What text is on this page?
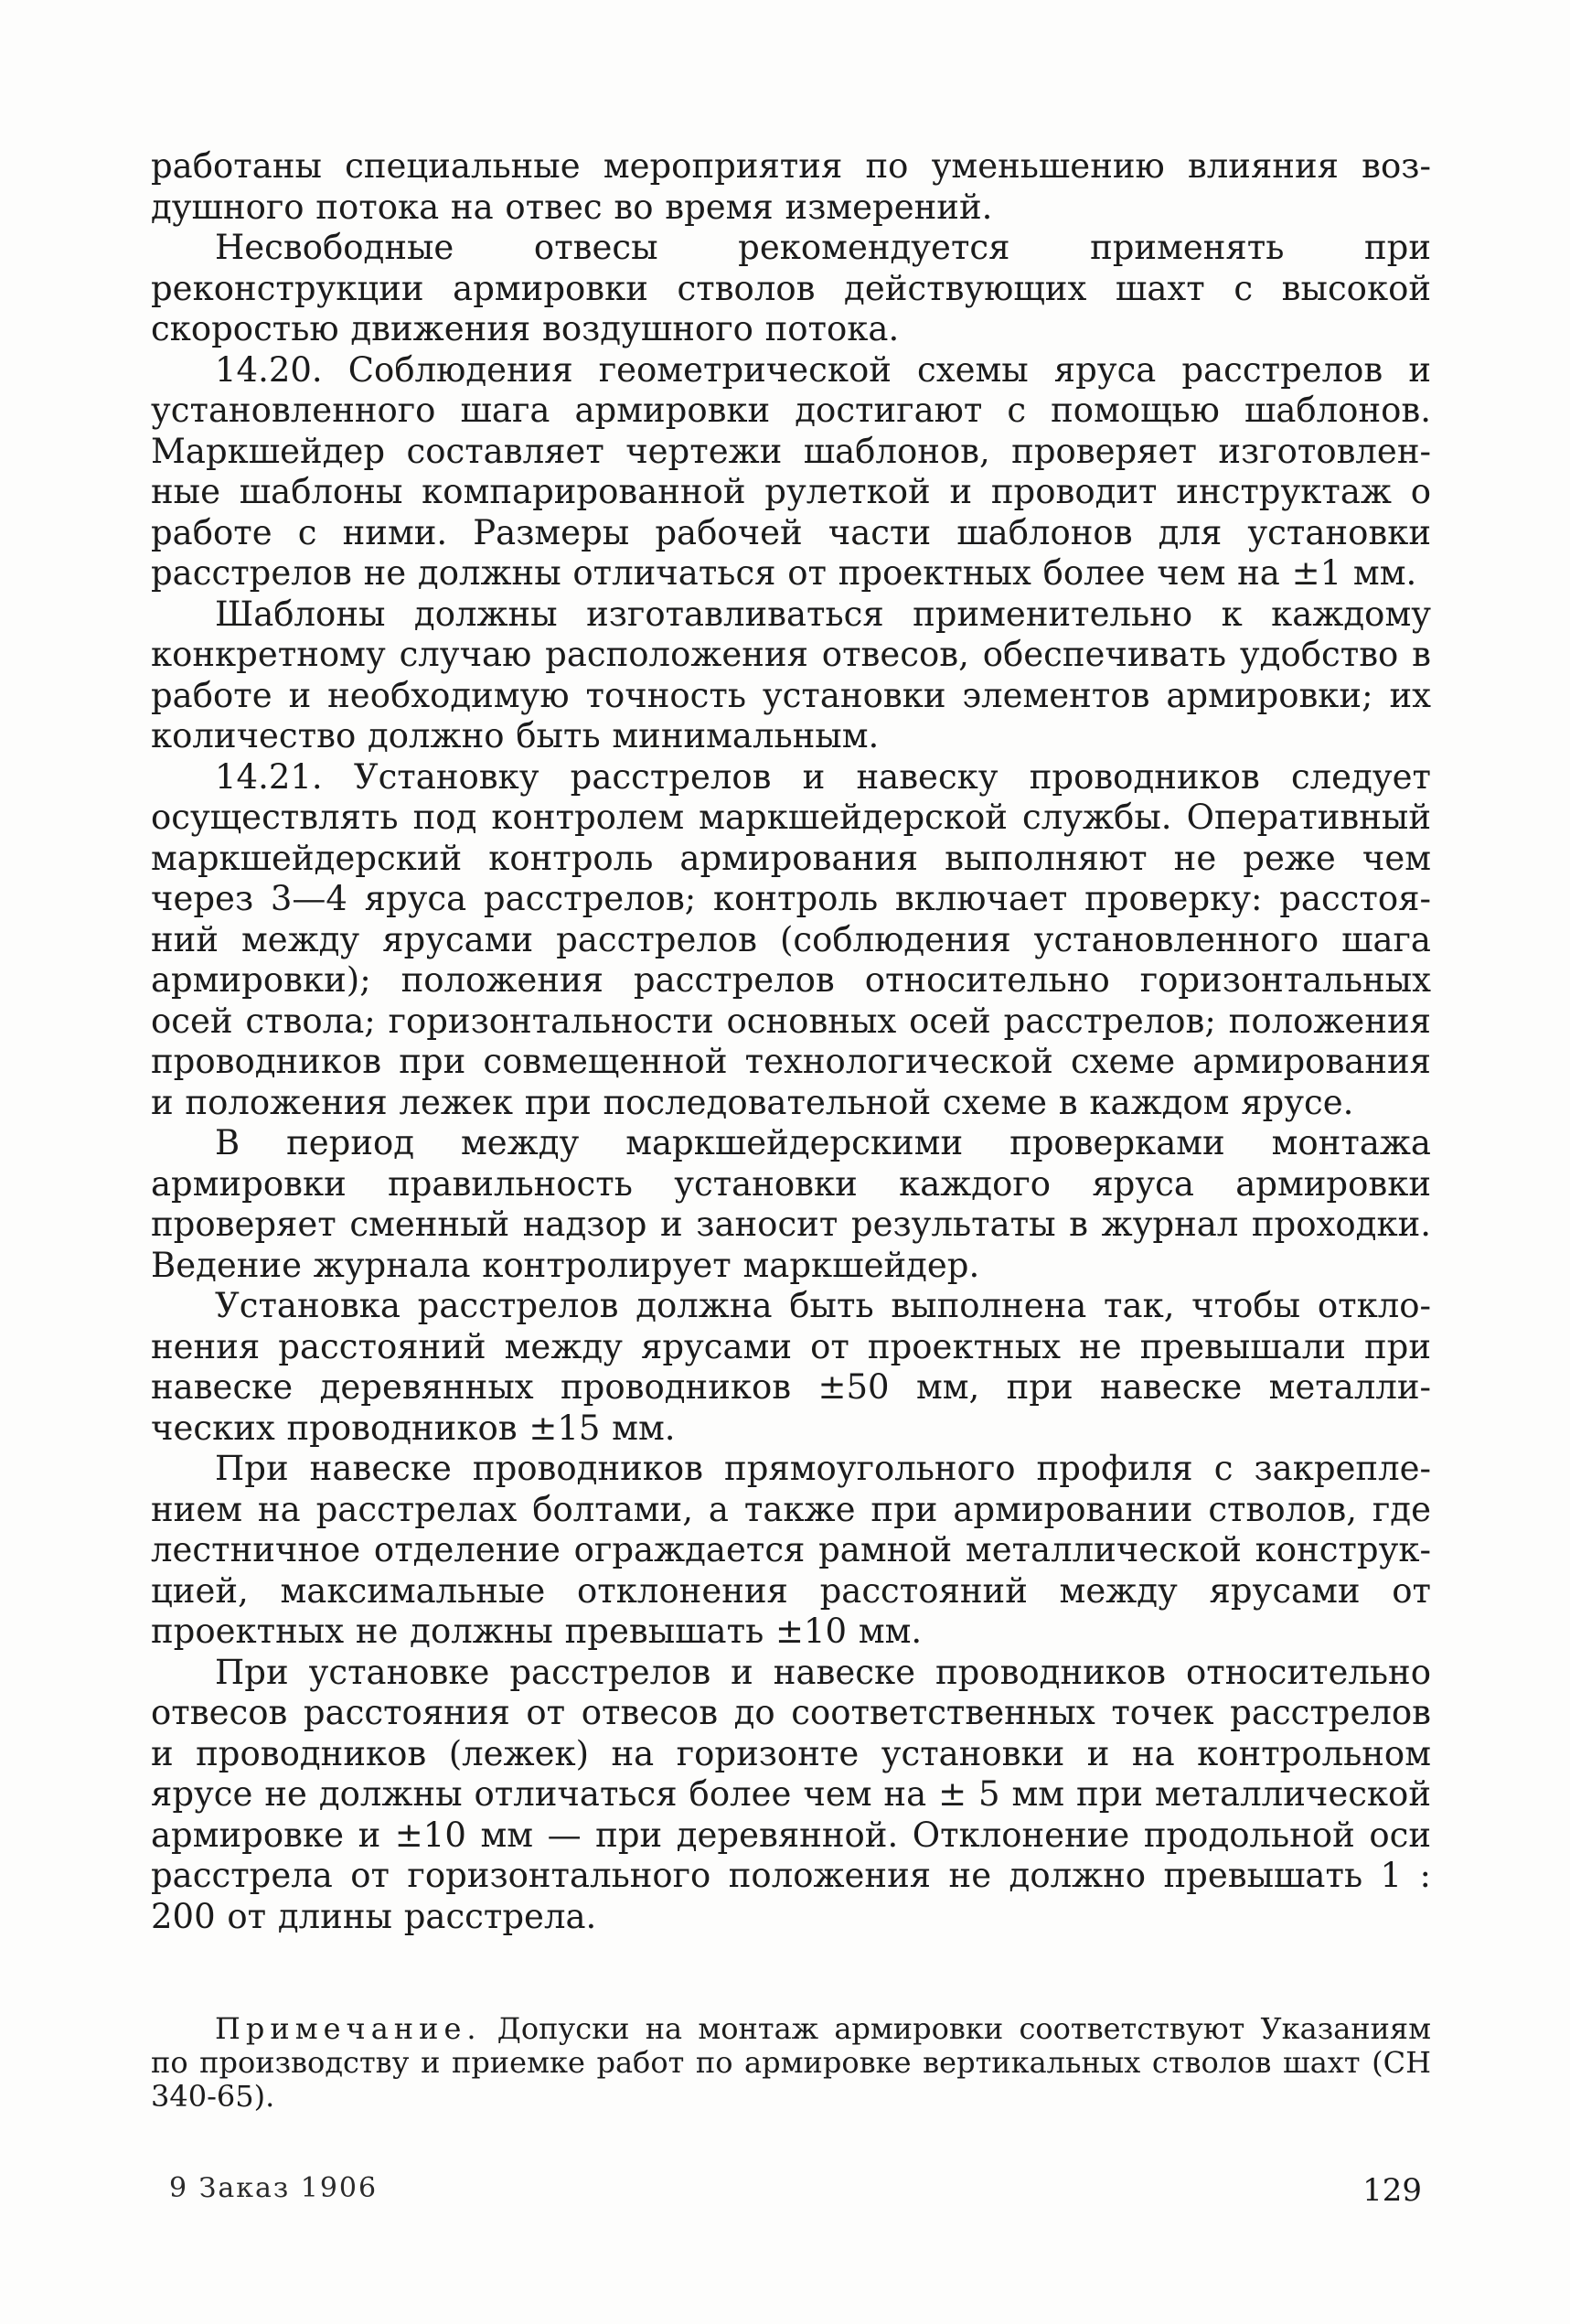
работаны специальные мероприятия по уменьшению влияния воздушного потока на отвес во время измерений.

Несвободные отвесы рекомендуется применять при реконструкции армировки стволов действующих шахт с высокой скоростью движения воздушного потока.

14.20. Соблюдения геометрической схемы яруса расстрелов и установленного шага армировки достигают с помощью шаблонов. Маркшейдер составляет чертежи шаблонов, проверяет изготовленные шаблоны компарированной рулеткой и проводит инструктаж о работе с ними. Размеры рабочей части шаблонов для установки расстрелов не должны отличаться от проектных более чем на ±1 мм.

Шаблоны должны изготавливаться применительно к каждому конкретному случаю расположения отвесов, обеспечивать удобство в работе и необходимую точность установки элементов армировки; их количество должно быть минимальным.

14.21. Установку расстрелов и навеску проводников следует осуществлять под контролем маркшейдерской службы. Оперативный маркшейдерский контроль армирования выполняют не реже чем через 3—4 яруса расстрелов; контроль включает проверку: расстояний между ярусами расстрелов (соблюдения установленного шага армировки); положения расстрелов относительно горизонтальных осей ствола; горизонтальности основных осей расстрелов; положения проводников при совмещенной технологической схеме армирования и положения лежек при последовательной схеме в каждом ярусе.

В период между маркшейдерскими проверками монтажа армировки правильность установки каждого яруса армировки проверяет сменный надзор и заносит результаты в журнал проходки. Ведение журнала контролирует маркшейдер.

Установка расстрелов должна быть выполнена так, чтобы отклонения расстояний между ярусами от проектных не превышали при навеске деревянных проводников ±50 мм, при навеске металлических проводников ±15 мм.

При навеске проводников прямоугольного профиля с закреплением на расстрелах болтами, а также при армировании стволов, где лестничное отделение ограждается рамной металлической конструкцией, максимальные отклонения расстояний между ярусами от проектных не должны превышать ±10 мм.

При установке расстрелов и навеске проводников относительно отвесов расстояния от отвесов до соответственных точек расстрелов и проводников (лежек) на горизонте установки и на контрольном ярусе не должны отличаться более чем на ± 5 мм при металлической армировке и ±10 мм — при деревянной. Отклонение продольной оси расстрела от горизонтального положения не должно превышать 1 : 200 от длины расстрела.

Примечание. Допуски на монтаж армировки соответствуют Указаниям по производству и приемке работ по армировке вертикальных стволов шахт (СН 340-65).

9 Заказ 1906	129
